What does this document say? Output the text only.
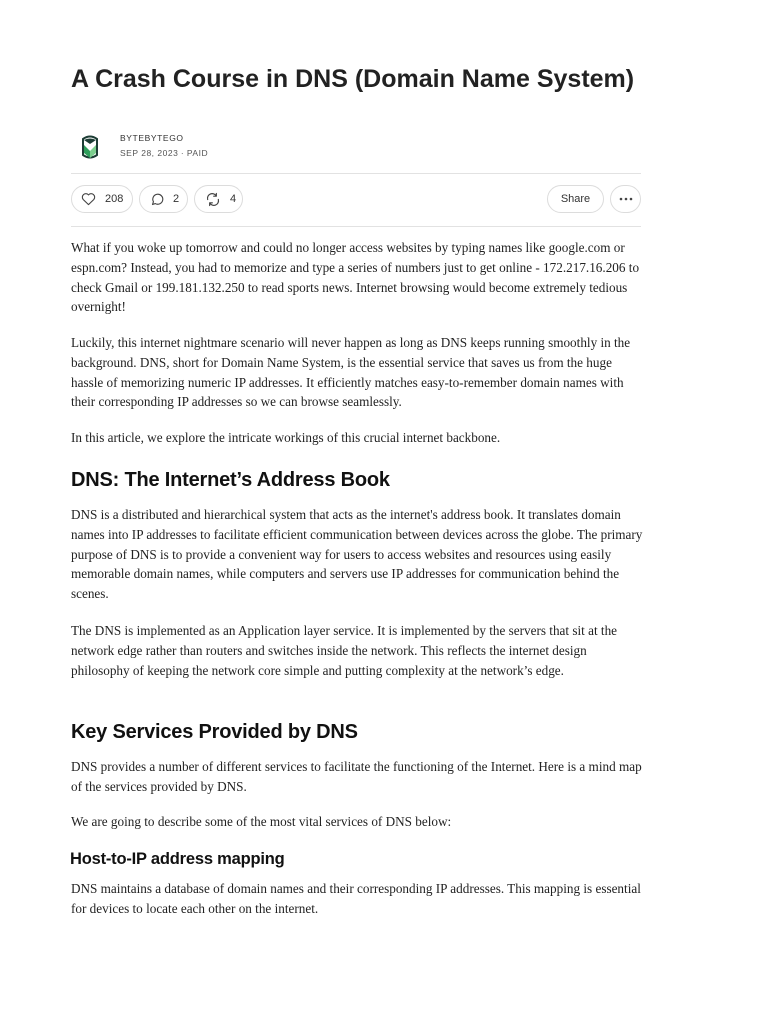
A Crash Course in DNS (Domain Name System)
BYTEBYTEGO
SEP 28, 2023 ∙ PAID
208	2	4	Share

What if you woke up tomorrow and could no longer access websites by typing names like google.com or espn.com? Instead, you had to memorize and type a series of numbers just to get online - 172.217.16.206 to check Gmail or 199.181.132.250 to read sports news. Internet browsing would become extremely tedious overnight!

Luckily, this internet nightmare scenario will never happen as long as DNS keeps running smoothly in the background. DNS, short for Domain Name System, is the essential service that saves us from the huge hassle of memorizing numeric IP addresses. It efficiently matches easy-to-remember domain names with their corresponding IP addresses so we can browse seamlessly.

In this article, we explore the intricate workings of this crucial internet backbone.

DNS: The Internet’s Address Book

DNS is a distributed and hierarchical system that acts as the internet's address book. It translates domain names into IP addresses to facilitate efficient communication between devices across the globe. The primary purpose of DNS is to provide a convenient way for users to access websites and resources using easily memorable domain names, while computers and servers use IP addresses for communication behind the scenes.

The DNS is implemented as an Application layer service. It is implemented by the servers that sit at the network edge rather than routers and switches inside the network. This reflects the internet design philosophy of keeping the network core simple and putting complexity at the network’s edge.

Key Services Provided by DNS

DNS provides a number of different services to facilitate the functioning of the Internet. Here is a mind map of the services provided by DNS.

We are going to describe some of the most vital services of DNS below:

Host-to-IP address mapping

DNS maintains a database of domain names and their corresponding IP addresses. This mapping is essential for devices to locate each other on the internet.
